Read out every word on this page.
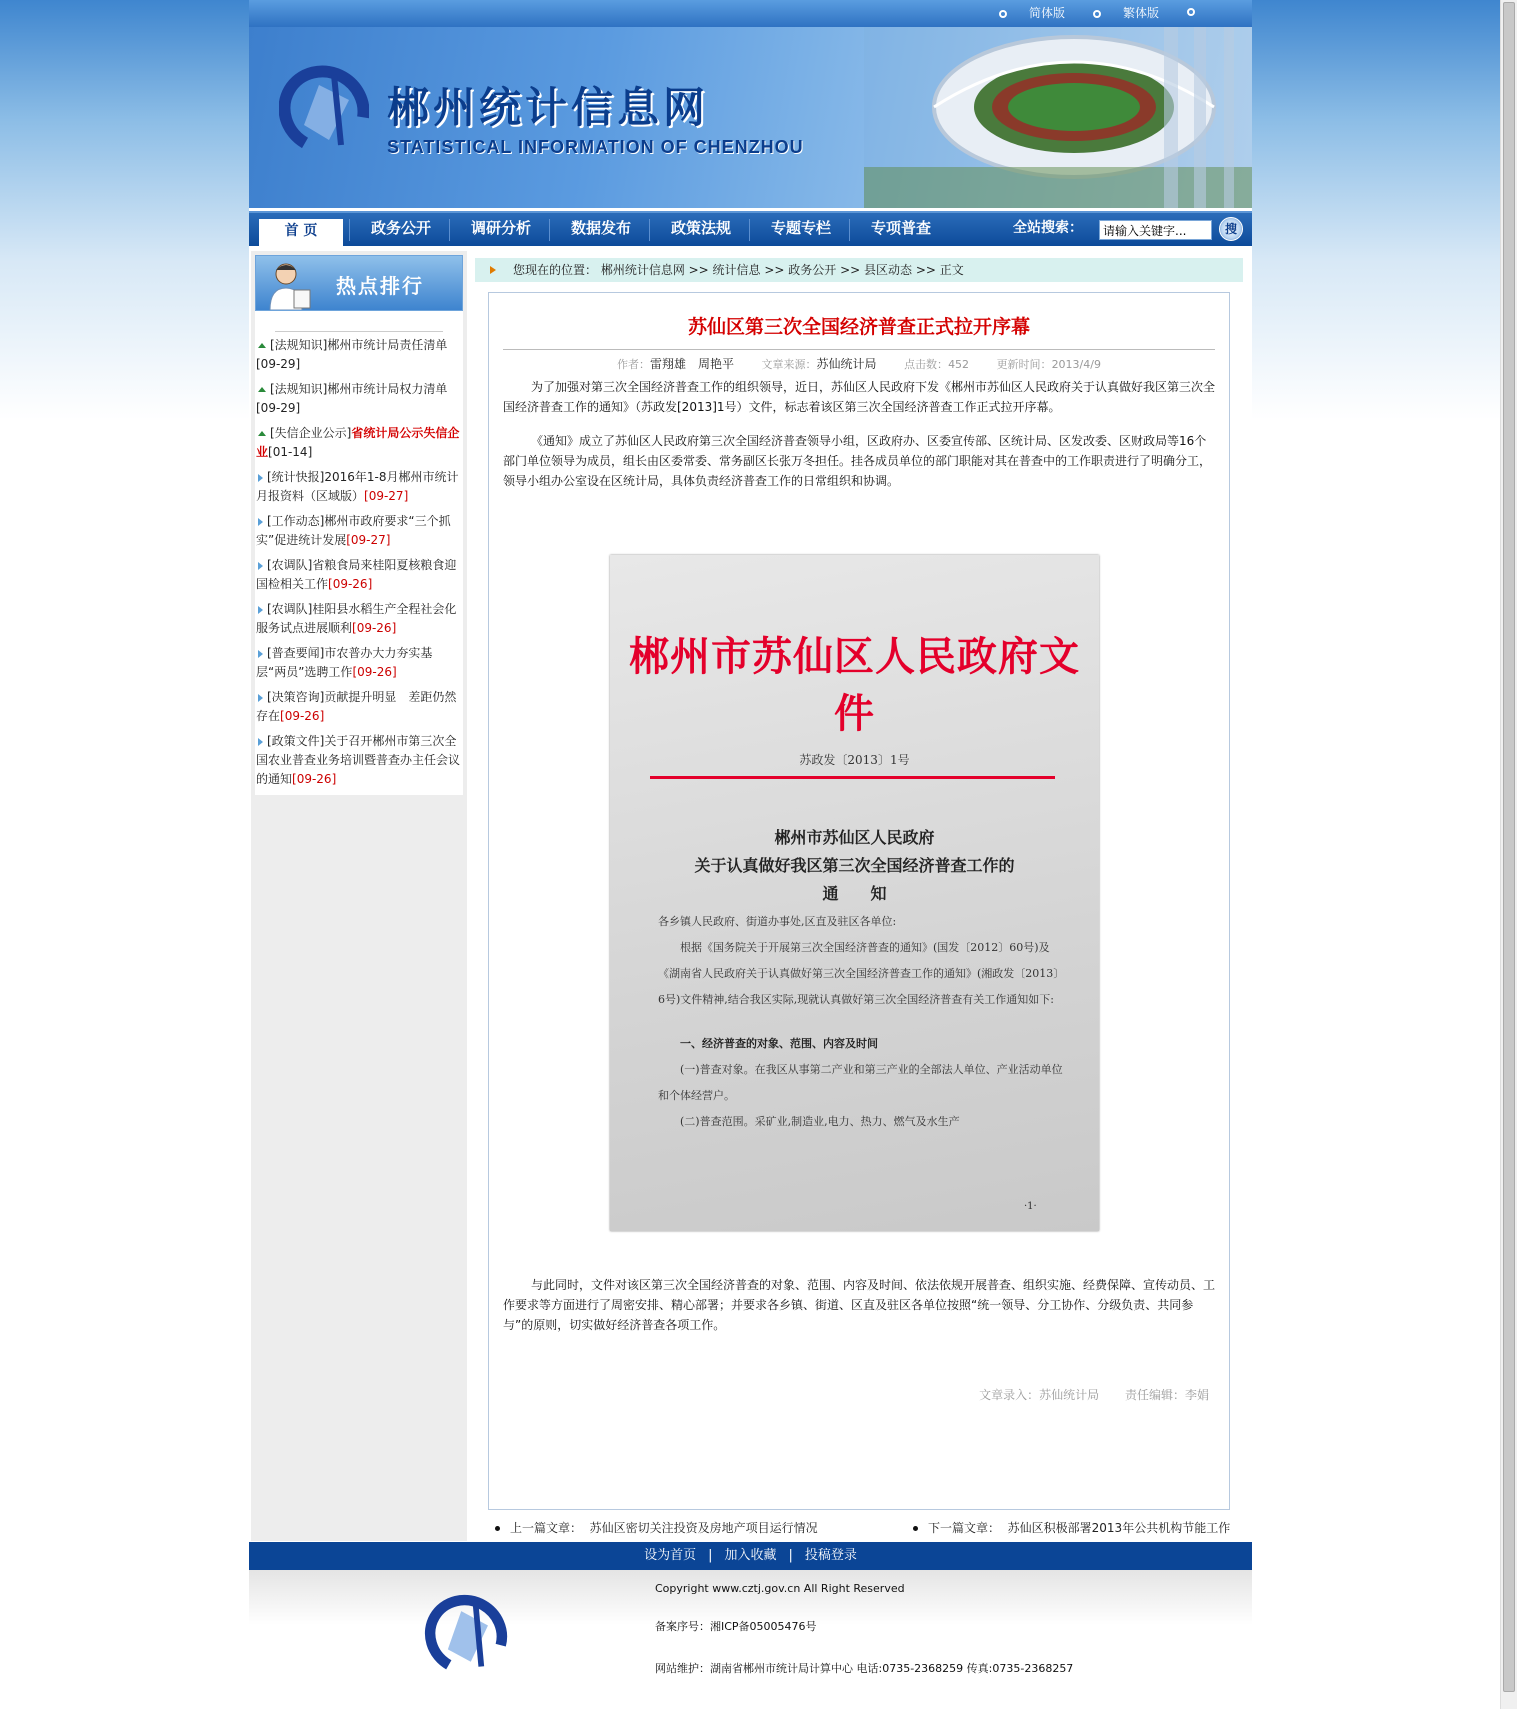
简体版	繁体版
郴州统计信息网
STATISTICAL INFORMATION OF CHENZHOU
首 页	政务公开	调研分析	数据发布	政策法规	专题专栏	专项普查	全站搜索：
请输入关键字...	搜
热点排行
[法规知识]郴州市统计局责任清单
[09-29]
[法规知识]郴州市统计局权力清单
[09-29]
[失信企业公示]省统计局公示失信企业[01-14]
[统计快报]2016年1-8月郴州市统计月报资料（区域版）[09-27]
[工作动态]郴州市政府要求“三个抓实”促进统计发展[09-27]
[农调队]省粮食局来桂阳夏核粮食迎国检相关工作[09-26]
[农调队]桂阳县水稻生产全程社会化服务试点进展顺利[09-26]
[普查要闻]市农普办大力夯实基层“两员”选聘工作[09-26]
[决策咨询]贡献提升明显　差距仍然存在[09-26]
[政策文件]关于召开郴州市第三次全国农业普查业务培训暨普查办主任会议的通知[09-26]
您现在的位置： 郴州统计信息网 >> 统计信息 >> 政务公开 >> 县区动态 >> 正文
苏仙区第三次全国经济普查正式拉开序幕
作者：雷翔雄　周艳平	文章来源：苏仙统计局	点击数：452	更新时间：2013/4/9
为了加强对第三次全国经济普查工作的组织领导，近日，苏仙区人民政府下发《郴州市苏仙区人民政府关于认真做好我区第三次全国经济普查工作的通知》（苏政发[2013]1号）文件，标志着该区第三次全国经济普查工作正式拉开序幕。
《通知》成立了苏仙区人民政府第三次全国经济普查领导小组，区政府办、区委宣传部、区统计局、区发改委、区财政局等16个部门单位领导为成员，组长由区委常委、常务副区长张万冬担任。挂各成员单位的部门职能对其在普查中的工作职责进行了明确分工，领导小组办公室设在区统计局，具体负责经济普查工作的日常组织和协调。
郴州市苏仙区人民政府文件
苏政发〔2013〕1号
郴州市苏仙区人民政府
关于认真做好我区第三次全国经济普查工作的
通　　知
各乡镇人民政府、街道办事处,区直及驻区各单位:
根据《国务院关于开展第三次全国经济普查的通知》(国发〔2012〕60号)及《湖南省人民政府关于认真做好第三次全国经济普查工作的通知》(湘政发〔2013〕6号)文件精神,结合我区实际,现就认真做好第三次全国经济普查有关工作通知如下:
一、经济普查的对象、范围、内容及时间
(一)普查对象。在我区从事第二产业和第三产业的全部法人单位、产业活动单位和个体经营户。
(二)普查范围。采矿业,制造业,电力、热力、燃气及水生产
·1·
与此同时，文件对该区第三次全国经济普查的对象、范围、内容及时间、依法依规开展普查、组织实施、经费保障、宣传动员、工作要求等方面进行了周密安排、精心部署；并要求各乡镇、街道、区直及驻区各单位按照“统一领导、分工协作、分级负责、共同参与”的原则，切实做好经济普查各项工作。
文章录入：苏仙统计局 责任编辑：李娟
上一篇文章： 苏仙区密切关注投资及房地产项目运行情况	下一篇文章： 苏仙区积极部署2013年公共机构节能工作
设为首页 | 加入收藏 | 投稿登录
Copyright www.cztj.gov.cn All Right Reserved
备案序号：湘ICP备05005476号
网站维护：湖南省郴州市统计局计算中心 电话:0735-2368259 传真:0735-2368257
